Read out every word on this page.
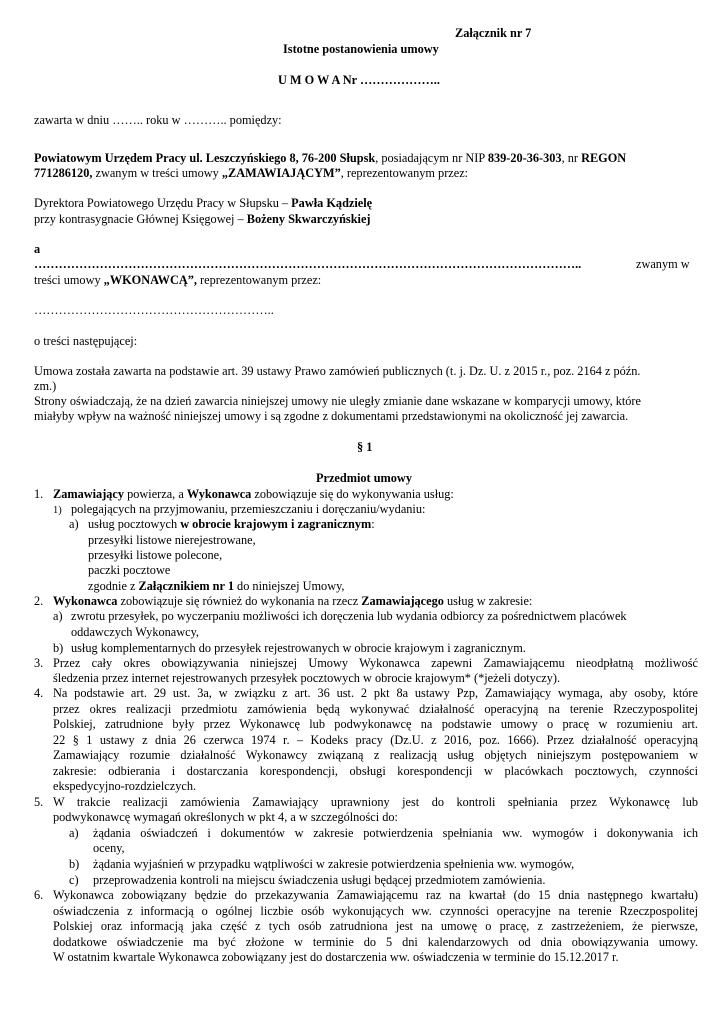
Załącznik nr 7
Istotne postanowienia umowy
U M O W A Nr ………………..
zawarta w dniu …….. roku w ……….. pomiędzy:
Powiatowym Urzędem Pracy ul. Leszczyńskiego 8, 76-200 Słupsk, posiadającym nr NIP 839-20-36-303, nr REGON
771286120, zwanym w treści umowy „ZAMAWIAJĄCYM”, reprezentowanym przez:
Dyrektora Powiatowego Urzędu Pracy w Słupsku – Pawła Kądzielę
przy kontrasygnacie Głównej Księgowej – Bożeny Skwarczyńskiej
a
……………………………………………………………………………………………………………………..	zwanym w
treści umowy „WKONAWCĄ”, reprezentowanym przez:
…………………………………………………..
o treści następującej:
Umowa została zawarta na podstawie art. 39 ustawy Prawo zamówień publicznych (t. j. Dz. U. z 2015 r., poz. 2164 z późn.
zm.)
Strony oświadczają, że na dzień zawarcia niniejszej umowy nie uległy zmianie dane wskazane w komparycji umowy, które
miałyby wpływ na ważność niniejszej umowy i są zgodne z dokumentami przedstawionymi na okoliczność jej zawarcia.
§ 1
Przedmiot umowy
1. Zamawiający powierza, a Wykonawca zobowiązuje się do wykonywania usług:
1) polegających na przyjmowaniu, przemieszczaniu i doręczaniu/wydaniu:
a) usług pocztowych w obrocie krajowym i zagranicznym:
przesyłki listowe nierejestrowane,
przesyłki listowe polecone,
paczki pocztowe
zgodnie z Załącznikiem nr 1 do niniejszej Umowy,
2. Wykonawca zobowiązuje się również do wykonania na rzecz Zamawiającego usług w zakresie:
a) zwrotu przesyłek, po wyczerpaniu możliwości ich doręczenia lub wydania odbiorcy za pośrednictwem placówek
oddawczych Wykonawcy,
b) usług komplementarnych do przesyłek rejestrowanych w obrocie krajowym i zagranicznym.
3. Przez cały okres obowiązywania niniejszej Umowy Wykonawca zapewni Zamawiającemu nieodpłatną możliwość
śledzenia przez internet rejestrowanych przesyłek pocztowych w obrocie krajowym* (*jeżeli dotyczy).
4. Na podstawie art. 29 ust. 3a, w związku z art. 36 ust. 2 pkt 8a ustawy Pzp, Zamawiający wymaga, aby osoby, które
przez okres realizacji przedmiotu zamówienia będą wykonywać działalność operacyjną na terenie Rzeczypospolitej
Polskiej, zatrudnione były przez Wykonawcę lub podwykonawcę na podstawie umowy o pracę w rozumieniu art.
22 § 1 ustawy z dnia 26 czerwca 1974 r. – Kodeks pracy (Dz.U. z 2016, poz. 1666). Przez działalność operacyjną
Zamawiający rozumie działalność Wykonawcy związaną z realizacją usług objętych niniejszym postępowaniem w
zakresie: odbierania i dostarczania korespondencji, obsługi korespondencji w placówkach pocztowych, czynności
ekspedycyjno-rozdzielczych.
5. W trakcie realizacji zamówienia Zamawiający uprawniony jest do kontroli spełniania przez Wykonawcę lub
podwykonawcę wymagań określonych w pkt 4, a w szczególności do:
a) żądania oświadczeń i dokumentów w zakresie potwierdzenia spełniania ww. wymogów i dokonywania ich
oceny,
b) żądania wyjaśnień w przypadku wątpliwości w zakresie potwierdzenia spełnienia ww. wymogów,
c) przeprowadzenia kontroli na miejscu świadczenia usługi będącej przedmiotem zamówienia.
6. Wykonawca zobowiązany będzie do przekazywania Zamawiającemu raz na kwartał (do 15 dnia następnego kwartału)
oświadczenia z informacją o ogólnej liczbie osób wykonujących ww. czynności operacyjne na terenie Rzeczpospolitej
Polskiej oraz informacją jaka część z tych osób zatrudniona jest na umowę o pracę, z zastrzeżeniem, że pierwsze,
dodatkowe oświadczenie ma być złożone w terminie do 5 dni kalendarzowych od dnia obowiązywania umowy.
W ostatnim kwartale Wykonawca zobowiązany jest do dostarczenia ww. oświadczenia w terminie do 15.12.2017 r.
